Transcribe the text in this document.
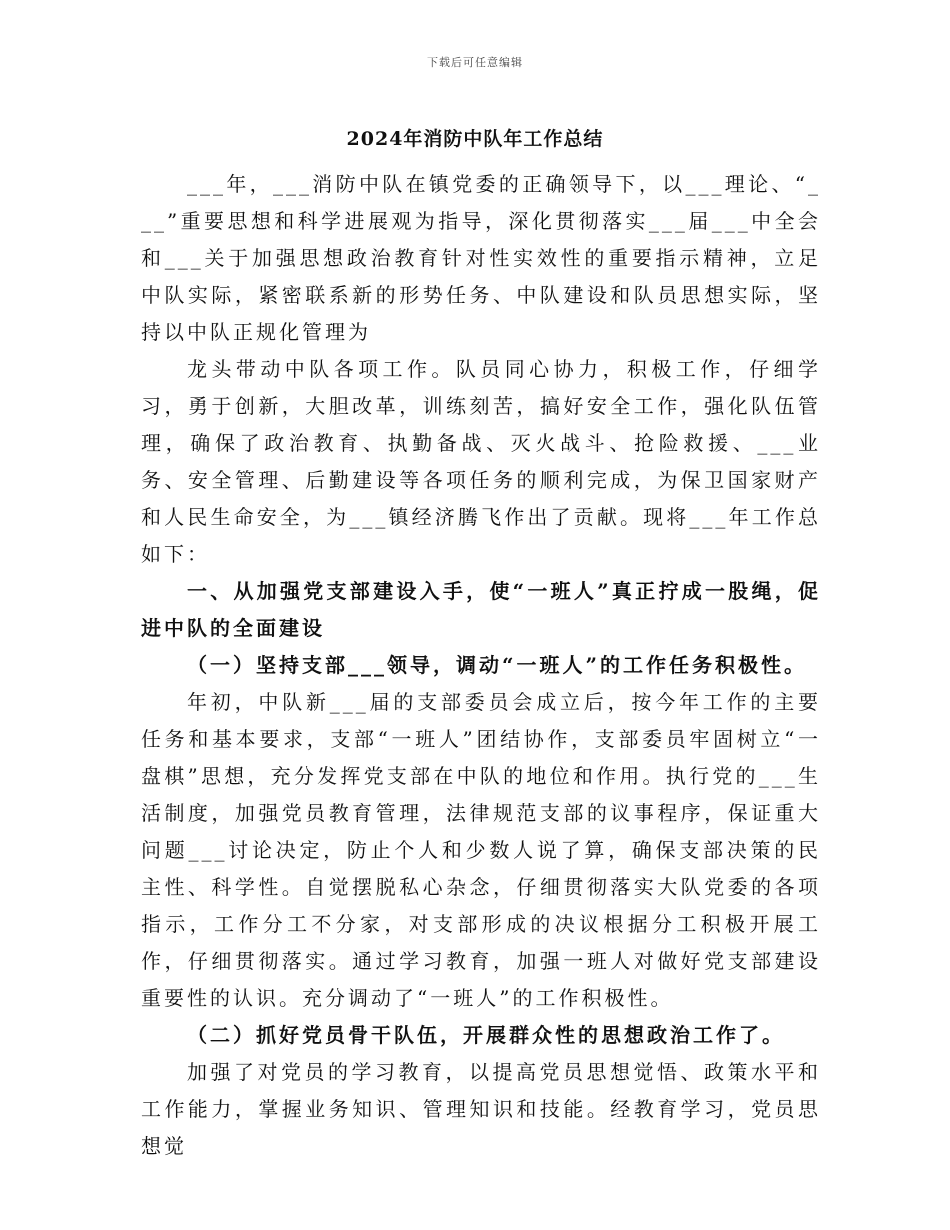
下载后可任意编辑
2024年消防中队年工作总结

___年，___消防中队在镇党委的正确领导下，以___理论、“___”重要思想和科学进展观为指导，深化贯彻落实___届___中全会和___关于加强思想政治教育针对性实效性的重要指示精神，立足中队实际，紧密联系新的形势任务、中队建设和队员思想实际，坚持以中队正规化管理为

龙头带动中队各项工作。队员同心协力，积极工作，仔细学习，勇于创新，大胆改革，训练刻苦，搞好安全工作，强化队伍管理，确保了政治教育、执勤备战、灭火战斗、抢险救援、___业务、安全管理、后勤建设等各项任务的顺利完成，为保卫国家财产和人民生命安全，为___镇经济腾飞作出了贡献。现将___年工作总如下：

一、从加强党支部建设入手，使“一班人”真正拧成一股绳，促进中队的全面建设

（一）坚持支部___领导，调动“一班人”的工作任务积极性。

年初，中队新___届的支部委员会成立后，按今年工作的主要任务和基本要求，支部“一班人”团结协作，支部委员牢固树立“一盘棋”思想，充分发挥党支部在中队的地位和作用。执行党的___生活制度，加强党员教育管理，法律规范支部的议事程序，保证重大问题___讨论决定，防止个人和少数人说了算，确保支部决策的民主性、科学性。自觉摆脱私心杂念，仔细贯彻落实大队党委的各项指示，工作分工不分家，对支部形成的决议根据分工积极开展工作，仔细贯彻落实。通过学习教育，加强一班人对做好党支部建设重要性的认识。充分调动了“一班人”的工作积极性。

（二）抓好党员骨干队伍，开展群众性的思想政治工作了。

加强了对党员的学习教育，以提高党员思想觉悟、政策水平和工作能力，掌握业务知识、管理知识和技能。经教育学习，党员思想觉
